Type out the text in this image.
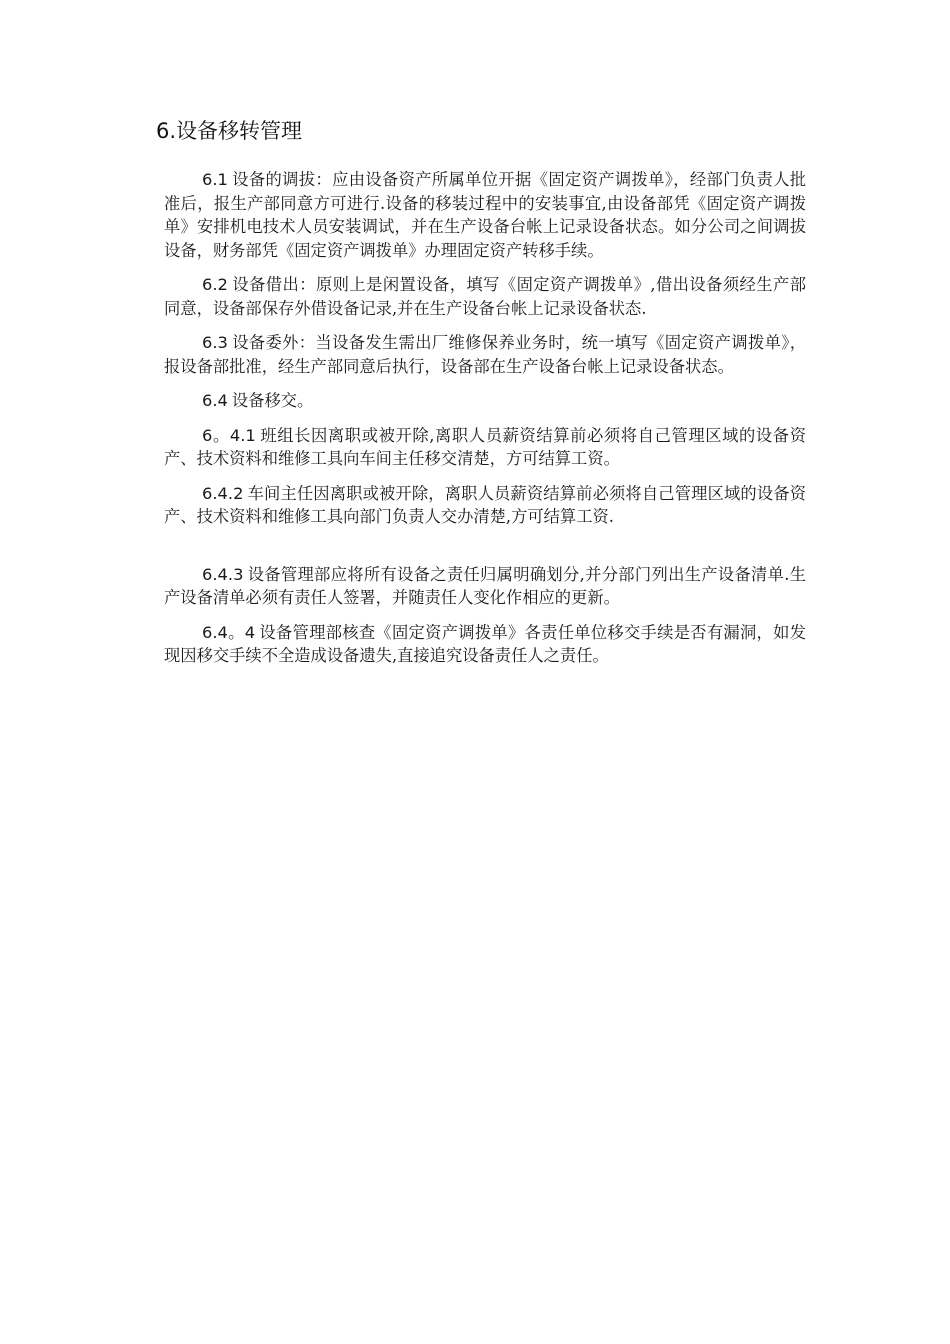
6.设备移转管理

6.1 设备的调拔：应由设备资产所属单位开据《固定资产调拨单》，经部门负责人批准后，报生产部同意方可进行.设备的移装过程中的安装事宜,由设备部凭《固定资产调拨单》安排机电技术人员安装调试，并在生产设备台帐上记录设备状态。如分公司之间调拔设备，财务部凭《固定资产调拨单》办理固定资产转移手续。

6.2 设备借出：原则上是闲置设备，填写《固定资产调拨单》,借出设备须经生产部同意，设备部保存外借设备记录,并在生产设备台帐上记录设备状态.

6.3 设备委外：当设备发生需出厂维修保养业务时，统一填写《固定资产调拨单》，报设备部批准，经生产部同意后执行，设备部在生产设备台帐上记录设备状态。

6.4 设备移交。

6。4.1 班组长因离职或被开除,离职人员薪资结算前必须将自己管理区域的设备资产、技术资料和维修工具向车间主任移交清楚，方可结算工资。

6.4.2 车间主任因离职或被开除，离职人员薪资结算前必须将自己管理区域的设备资产、技术资料和维修工具向部门负责人交办清楚,方可结算工资.

6.4.3 设备管理部应将所有设备之责任归属明确划分,并分部门列出生产设备清单.生产设备清单必须有责任人签署，并随责任人变化作相应的更新。

6.4。4 设备管理部核查《固定资产调拨单》各责任单位移交手续是否有漏洞，如发现因移交手续不全造成设备遗失,直接追究设备责任人之责任。
